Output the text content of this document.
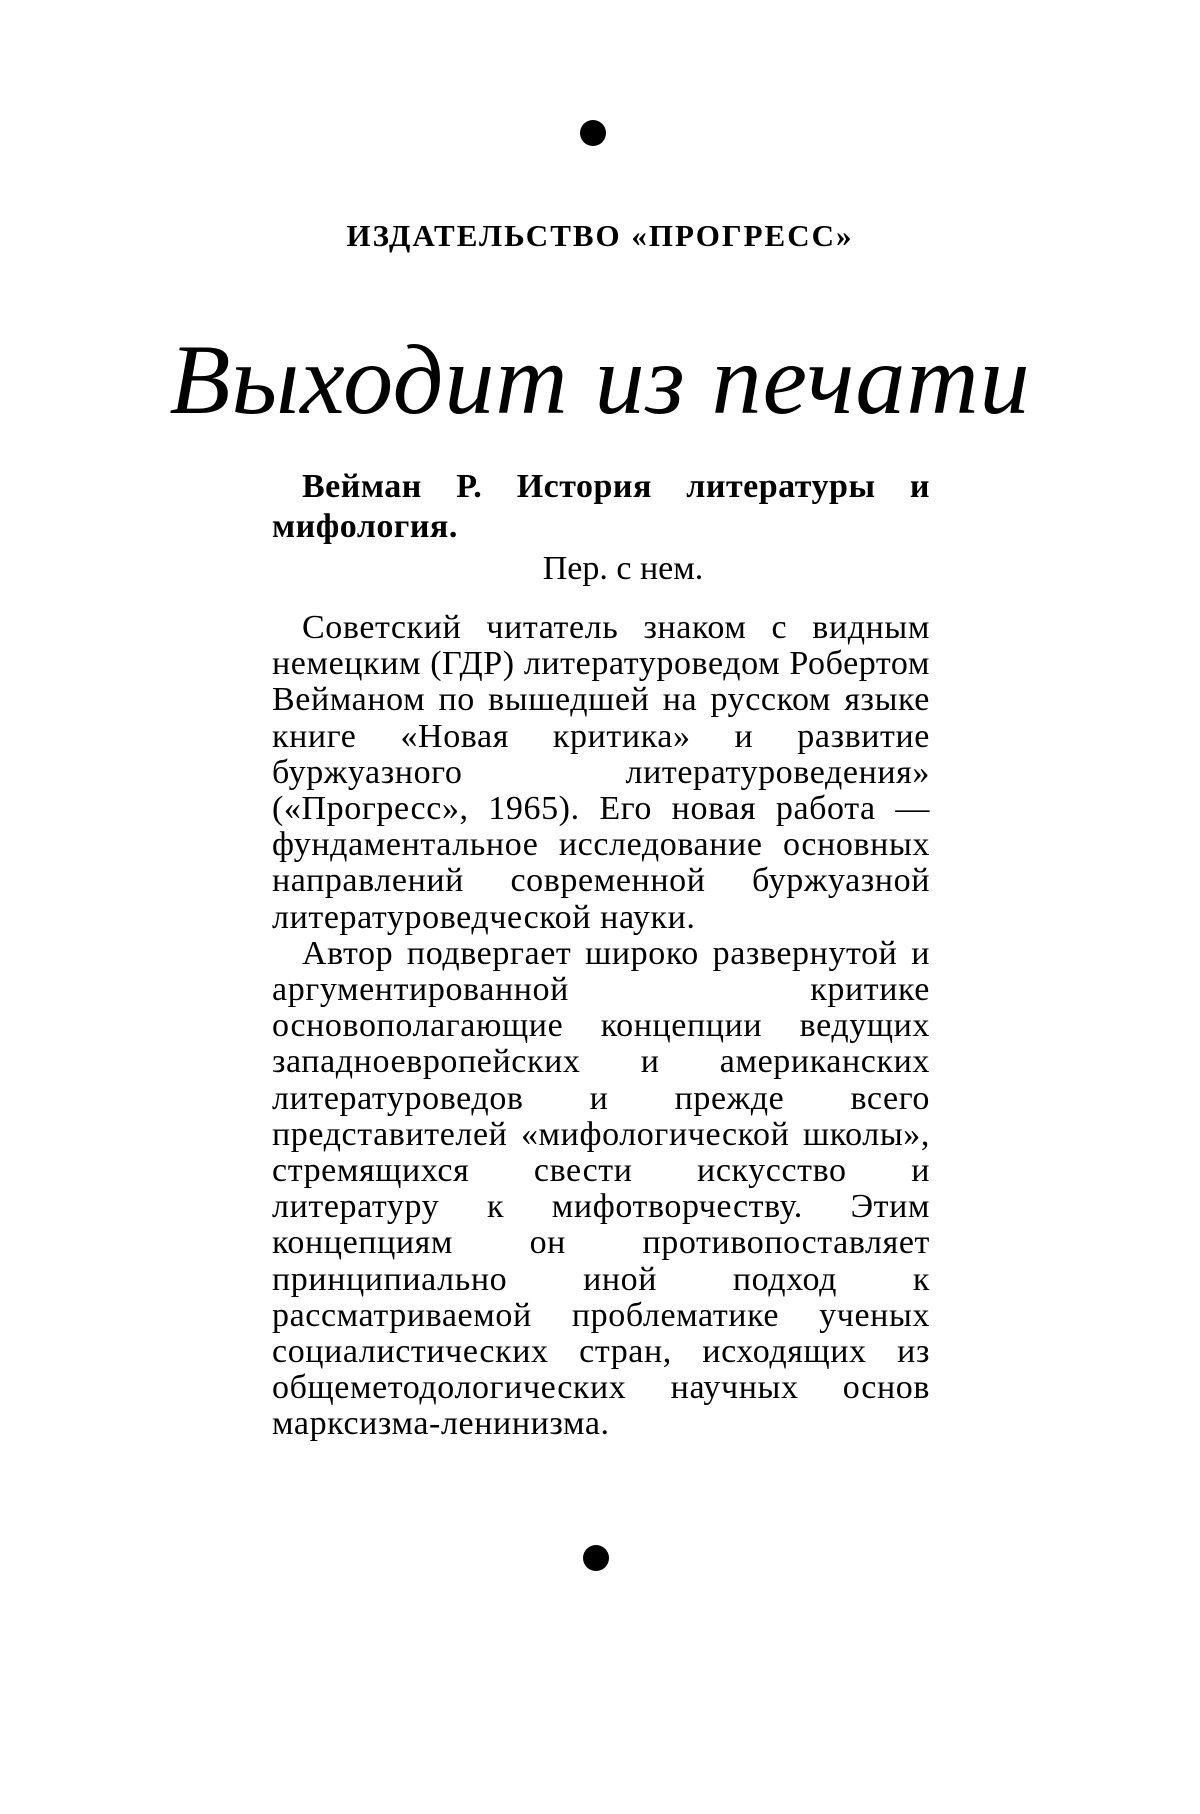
ИЗДАТЕЛЬСТВО «ПРОГРЕСС»
Выходит из печати

Вейман Р. История литературы и мифология.

Пер. с нем.

Советский читатель знаком с видным немецким (ГДР) литературоведом Робертом Вейманом по вышедшей на русском языке книге «Новая критика» и развитие буржуазного литературоведения» («Прогресс», 1965). Его новая работа — фундаментальное исследование основных направлений современной буржуазной литературоведческой науки.

Автор подвергает широко развернутой и аргументированной критике основополагающие концепции ведущих западноевропейских и американских литературоведов и прежде всего представителей «мифологической школы», стремящихся свести искусство и литературу к мифотворчеству. Этим концепциям он противопоставляет принципиально иной подход к рассматриваемой проблематике ученых социалистических стран, исходящих из общеметодологических научных основ марксизма-ленинизма.
